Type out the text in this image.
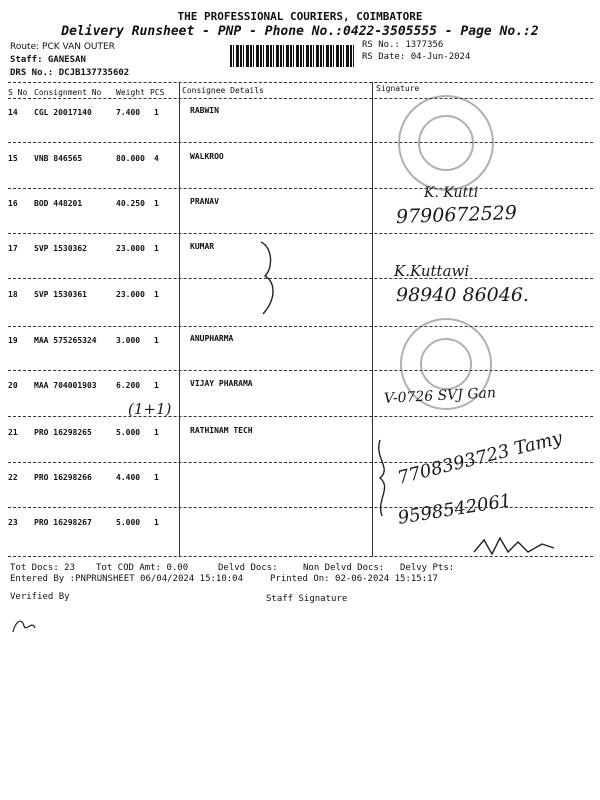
THE PROFESSIONAL COURIERS, COIMBATORE
Delivery Runsheet - PNP - Phone No.:0422-3505555 - Page No.:2
Route: PCK VAN OUTER
Staff: GANESAN
DRS No.: DCJB137735602
RS No.: 1377356
RS Date: 04-Jun-2024
S No Consignment No Weight PCS Consignee Details	Signature
14 CGL 20017140	7.400 1	RABWIN
15 VNB 846565	80.000 4	WALKROO
16 BOD 448201	40.250 1	PRANAV
17 SVP 1530362	23.000 1	KUMAR
18 SVP 1530361	23.000 1
19 MAA 575265324 3.000 1	ANUPHARMA
20 MAA 704001903 6.200 1	VIJAY PHARAMA
21 PRO 16298265	5.000 1	RATHINAM TECH
22 PRO 16298266	4.400 1
23 PRO 16298267	5.000 1
K. Kutti
9790672529
K.Kuttawi
98940 86046.
V-0726 SVJ Gan
(1+1)
7708393723 Tamy
9598542061
Tot Docs: 23 Tot COD Amt: 0.00	Delvd Docs:	Non Delvd Docs: Delvy Pts:
Entered By :PNPRUNSHEET 06/04/2024 15:10:04	Printed On: 02-06-2024 15:15:17
Verified By	Staff Signature
